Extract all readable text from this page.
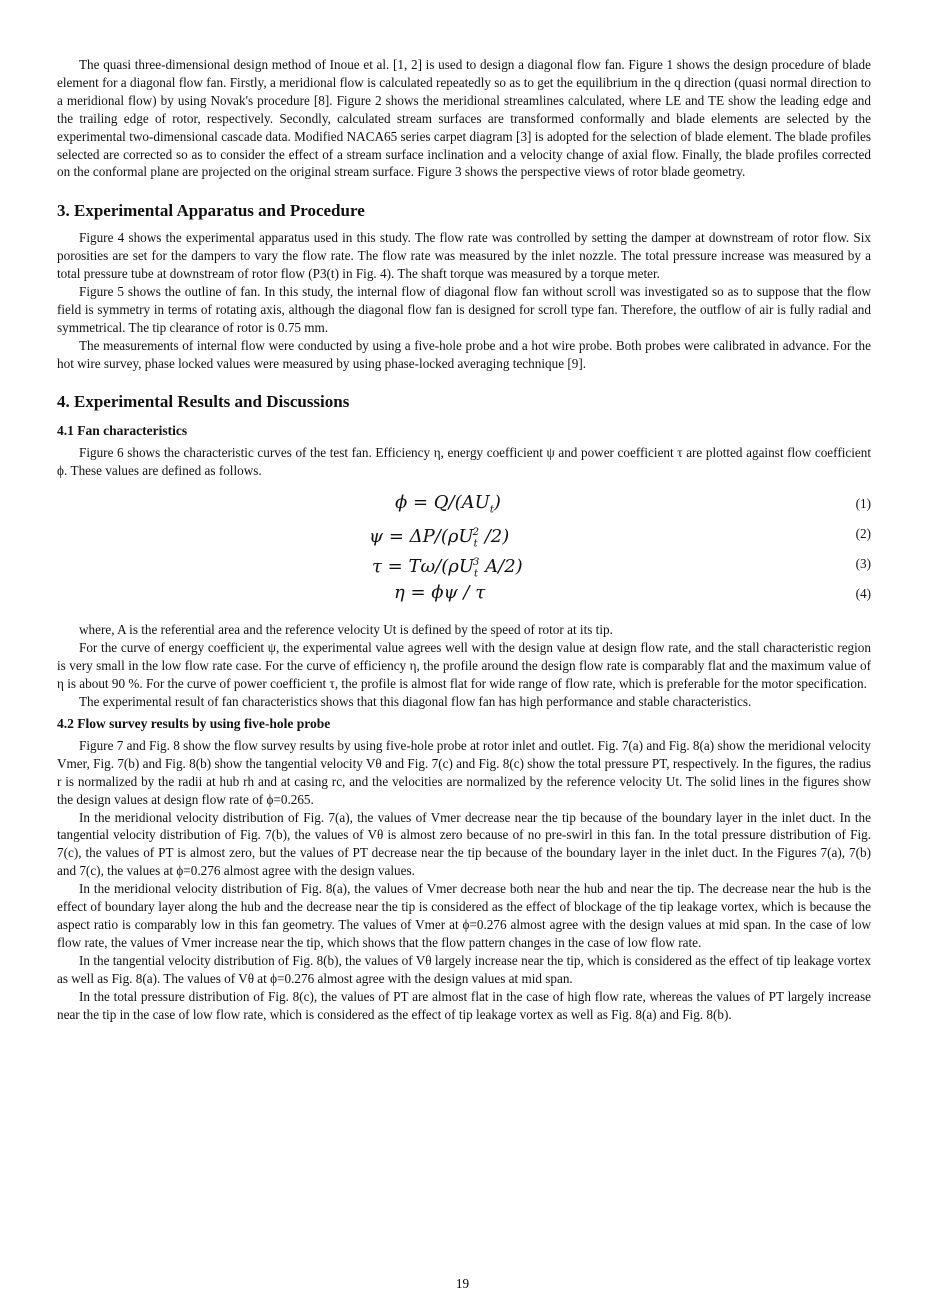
The quasi three-dimensional design method of Inoue et al. [1, 2] is used to design a diagonal flow fan. Figure 1 shows the design procedure of blade element for a diagonal flow fan. Firstly, a meridional flow is calculated repeatedly so as to get the equilibrium in the q direction (quasi normal direction to a meridional flow) by using Novak's procedure [8]. Figure 2 shows the meridional streamlines calculated, where LE and TE show the leading edge and the trailing edge of rotor, respectively. Secondly, calculated stream surfaces are transformed conformally and blade elements are selected by the experimental two-dimensional cascade data. Modified NACA65 series carpet diagram [3] is adopted for the selection of blade element. The blade profiles selected are corrected so as to consider the effect of a stream surface inclination and a velocity change of axial flow. Finally, the blade profiles corrected on the conformal plane are projected on the original stream surface. Figure 3 shows the perspective views of rotor blade geometry.

3. Experimental Apparatus and Procedure

Figure 4 shows the experimental apparatus used in this study. The flow rate was controlled by setting the damper at downstream of rotor flow. Six porosities are set for the dampers to vary the flow rate. The flow rate was measured by the inlet nozzle. The total pressure increase was measured by a total pressure tube at downstream of rotor flow (P3(t) in Fig. 4). The shaft torque was measured by a torque meter.

Figure 5 shows the outline of fan. In this study, the internal flow of diagonal flow fan without scroll was investigated so as to suppose that the flow field is symmetry in terms of rotating axis, although the diagonal flow fan is designed for scroll type fan. Therefore, the outflow of air is fully radial and symmetrical. The tip clearance of rotor is 0.75 mm.

The measurements of internal flow were conducted by using a five-hole probe and a hot wire probe. Both probes were calibrated in advance. For the hot wire survey, phase locked values were measured by using phase-locked averaging technique [9].

4. Experimental Results and Discussions
4.1 Fan characteristics

Figure 6 shows the characteristic curves of the test fan. Efficiency η, energy coefficient ψ and power coefficient τ are plotted against flow coefficient ϕ. These values are defined as follows.

$\phi = Q/(AU_t)$	(1)
$\psi = \Delta P/(\rho U_t^2$ /2)	(2)
$\tau = T\omega/(\rho U_t^3$ A/2)	(3)
η = ϕψ / τ	(4)

where, A is the referential area and the reference velocity Ut is defined by the speed of rotor at its tip.

For the curve of energy coefficient ψ, the experimental value agrees well with the design value at design flow rate, and the stall characteristic region is very small in the low flow rate case. For the curve of efficiency η, the profile around the design flow rate is comparably flat and the maximum value of η is about 90 %. For the curve of power coefficient τ, the profile is almost flat for wide range of flow rate, which is preferable for the motor specification.

The experimental result of fan characteristics shows that this diagonal flow fan has high performance and stable characteristics.

4.2 Flow survey results by using five-hole probe

Figure 7 and Fig. 8 show the flow survey results by using five-hole probe at rotor inlet and outlet. Fig. 7(a) and Fig. 8(a) show the meridional velocity Vmer, Fig. 7(b) and Fig. 8(b) show the tangential velocity Vθ and Fig. 7(c) and Fig. 8(c) show the total pressure PT, respectively. In the figures, the radius r is normalized by the radii at hub rh and at casing rc, and the velocities are normalized by the reference velocity Ut. The solid lines in the figures show the design values at design flow rate of ϕ=0.265.

In the meridional velocity distribution of Fig. 7(a), the values of Vmer decrease near the tip because of the boundary layer in the inlet duct. In the tangential velocity distribution of Fig. 7(b), the values of Vθ is almost zero because of no pre-swirl in this fan. In the total pressure distribution of Fig. 7(c), the values of PT is almost zero, but the values of PT decrease near the tip because of the boundary layer in the inlet duct. In the Figures 7(a), 7(b) and 7(c), the values at ϕ=0.276 almost agree with the design values.

In the meridional velocity distribution of Fig. 8(a), the values of Vmer decrease both near the hub and near the tip. The decrease near the hub is the effect of boundary layer along the hub and the decrease near the tip is considered as the effect of blockage of the tip leakage vortex, which is because the aspect ratio is comparably low in this fan geometry. The values of Vmer at ϕ=0.276 almost agree with the design values at mid span. In the case of low flow rate, the values of Vmer increase near the tip, which shows that the flow pattern changes in the case of low flow rate.

In the tangential velocity distribution of Fig. 8(b), the values of Vθ largely increase near the tip, which is considered as the effect of tip leakage vortex as well as Fig. 8(a). The values of Vθ at ϕ=0.276 almost agree with the design values at mid span.

In the total pressure distribution of Fig. 8(c), the values of PT are almost flat in the case of high flow rate, whereas the values of PT largely increase near the tip in the case of low flow rate, which is considered as the effect of tip leakage vortex as well as Fig. 8(a) and Fig. 8(b).

19
